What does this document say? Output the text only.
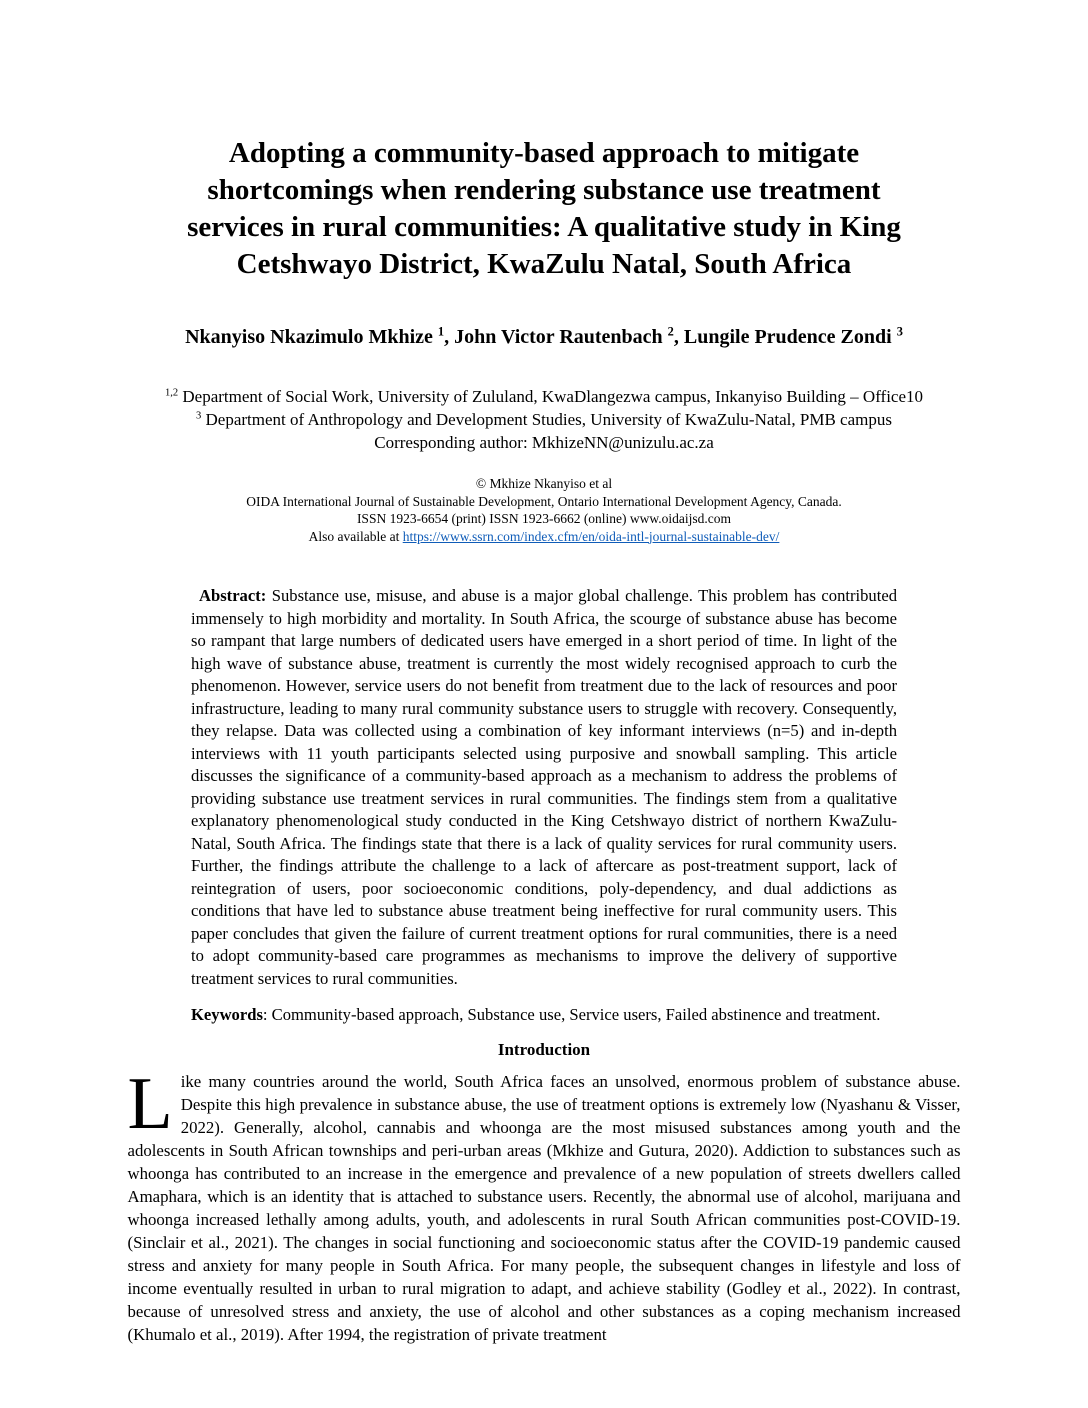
Adopting a community-based approach to mitigate
shortcomings when rendering substance use treatment
services in rural communities: A qualitative study in King
Cetshwayo District, KwaZulu Natal, South Africa
Nkanyiso Nkazimulo Mkhize $^1$, John Victor Rautenbach $^2$, Lungile Prudence Zondi $^3$
$^{1,2}$ Department of Social Work, University of Zululand, KwaDlangezwa campus, Inkanyiso Building – Office10
$^3$ Department of Anthropology and Development Studies, University of KwaZulu-Natal, PMB campus
Corresponding author: MkhizeNN@unizulu.ac.za
© Mkhize Nkanyiso et al
OIDA International Journal of Sustainable Development, Ontario International Development Agency, Canada.
ISSN 1923-6654 (print) ISSN 1923-6662 (online) www.oidaijsd.com
Also available at https://www.ssrn.com/index.cfm/en/oida-intl-journal-sustainable-dev/

Abstract: Substance use, misuse, and abuse is a major global challenge. This problem has contributed immensely to high morbidity and mortality. In South Africa, the scourge of substance abuse has become so rampant that large numbers of dedicated users have emerged in a short period of time. In light of the high wave of substance abuse, treatment is currently the most widely recognised approach to curb the phenomenon. However, service users do not benefit from treatment due to the lack of resources and poor infrastructure, leading to many rural community substance users to struggle with recovery. Consequently, they relapse. Data was collected using a combination of key informant interviews (n=5) and in-depth interviews with 11 youth participants selected using purposive and snowball sampling. This article discusses the significance of a community-based approach as a mechanism to address the problems of providing substance use treatment services in rural communities. The findings stem from a qualitative explanatory phenomenological study conducted in the King Cetshwayo district of northern KwaZulu-Natal, South Africa. The findings state that there is a lack of quality services for rural community users. Further, the findings attribute the challenge to a lack of aftercare as post-treatment support, lack of reintegration of users, poor socioeconomic conditions, poly-dependency, and dual addictions as conditions that have led to substance abuse treatment being ineffective for rural community users. This paper concludes that given the failure of current treatment options for rural communities, there is a need to adopt community-based care programmes as mechanisms to improve the delivery of supportive treatment services to rural communities.

Keywords: Community-based approach, Substance use, Service users, Failed abstinence and treatment.

Introduction

Like many countries around the world, South Africa faces an unsolved, enormous problem of substance abuse. Despite this high prevalence in substance abuse, the use of treatment options is extremely low (Nyashanu & Visser, 2022). Generally, alcohol, cannabis and whoonga are the most misused substances among youth and the adolescents in South African townships and peri-urban areas (Mkhize and Gutura, 2020). Addiction to substances such as whoonga has contributed to an increase in the emergence and prevalence of a new population of streets dwellers called Amaphara, which is an identity that is attached to substance users. Recently, the abnormal use of alcohol, marijuana and whoonga increased lethally among adults, youth, and adolescents in rural South African communities post-COVID-19. (Sinclair et al., 2021). The changes in social functioning and socioeconomic status after the COVID-19 pandemic caused stress and anxiety for many people in South Africa. For many people, the subsequent changes in lifestyle and loss of income eventually resulted in urban to rural migration to adapt, and achieve stability (Godley et al., 2022). In contrast, because of unresolved stress and anxiety, the use of alcohol and other substances as a coping mechanism increased (Khumalo et al., 2019). After 1994, the registration of private treatment
